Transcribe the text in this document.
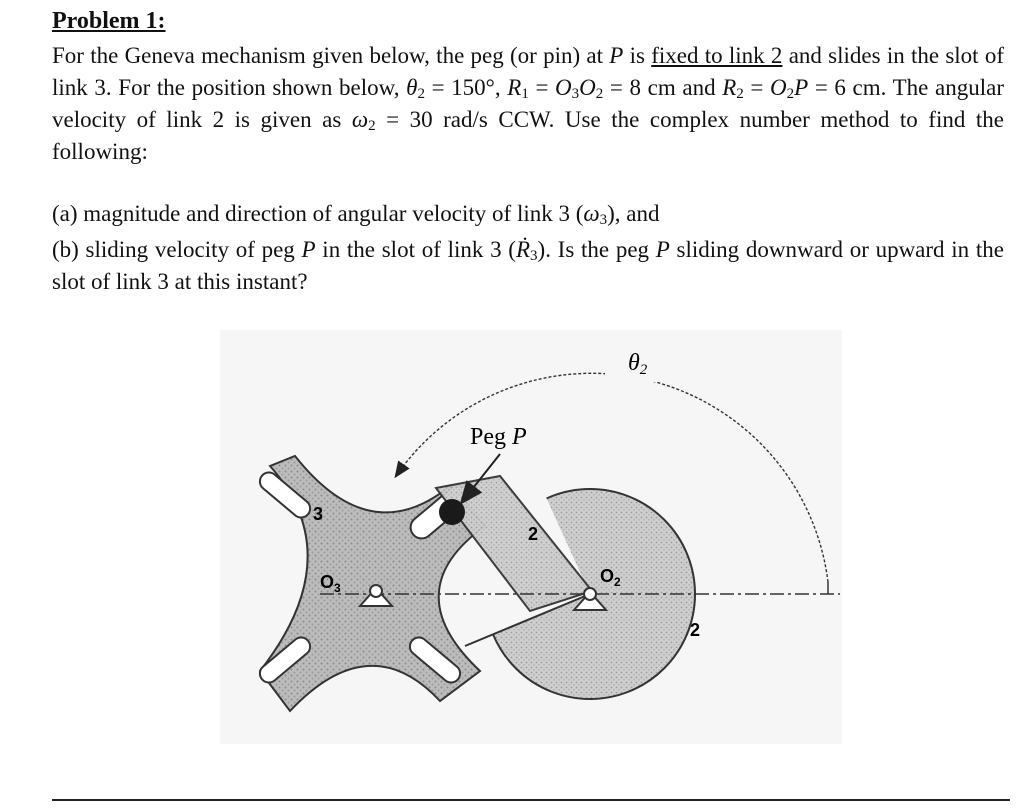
Problem 1:
For the Geneva mechanism given below, the peg (or pin) at P is fixed to link 2 and slides in the slot of link 3. For the position shown below, $\theta_2 = 150^\circ$, $R_1 = O_3O_2 = 8$ cm and $R_2 = O_2P = 6$ cm. The angular velocity of link 2 is given as $\omega_2 = 30$ rad/s CCW. Use the complex number method to find the following:
(a) magnitude and direction of angular velocity of link 3 $(\omega_3)$, and
(b) sliding velocity of peg P in the slot of link 3 (Ṙ$_3$). Is the peg P sliding downward or upward in the slot of link 3 at this instant?
θ2
Peg P
3
2
2
$O_3$
$O_2$
